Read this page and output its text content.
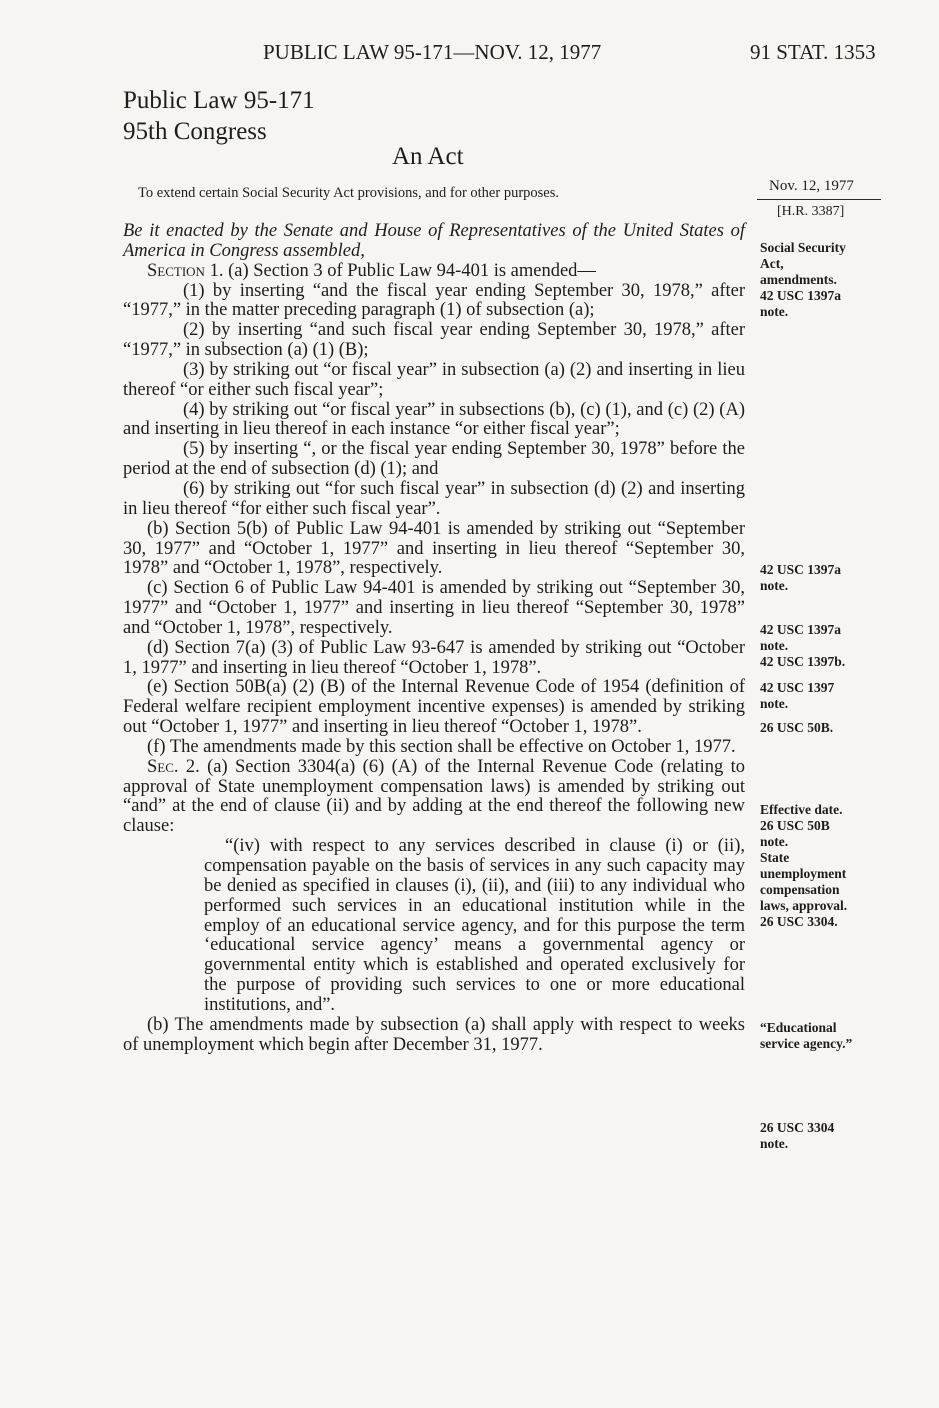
PUBLIC LAW 95-171—NOV. 12, 1977	91 STAT. 1353
Public Law 95-171
95th Congress
An Act
To extend certain Social Security Act provisions, and for other purposes.	Nov. 12, 1977
[H.R. 3387]

Be it enacted by the Senate and House of Representatives of the United States of America in Congress assembled,

Section 1. (a) Section 3 of Public Law 94-401 is amended—

(1) by inserting “and the fiscal year ending September 30, 1978,” after “1977,” in the matter preceding paragraph (1) of subsection (a);

(2) by inserting “and such fiscal year ending September 30, 1978,” after “1977,” in subsection (a) (1) (B);

(3) by striking out “or fiscal year” in subsection (a) (2) and inserting in lieu thereof “or either such fiscal year”;

(4) by striking out “or fiscal year” in subsections (b), (c) (1), and (c) (2) (A) and inserting in lieu thereof in each instance “or either fiscal year”;

(5) by inserting “, or the fiscal year ending September 30, 1978” before the period at the end of subsection (d) (1); and

(6) by striking out “for such fiscal year” in subsection (d) (2) and inserting in lieu thereof “for either such fiscal year”.

(b) Section 5(b) of Public Law 94-401 is amended by striking out “September 30, 1977” and “October 1, 1977” and inserting in lieu thereof “September 30, 1978” and “October 1, 1978”, respectively.

(c) Section 6 of Public Law 94-401 is amended by striking out “September 30, 1977” and “October 1, 1977” and inserting in lieu thereof “September 30, 1978” and “October 1, 1978”, respectively.

(d) Section 7(a) (3) of Public Law 93-647 is amended by striking out “October 1, 1977” and inserting in lieu thereof “October 1, 1978”.

(e) Section 50B(a) (2) (B) of the Internal Revenue Code of 1954 (definition of Federal welfare recipient employment incentive expenses) is amended by striking out “October 1, 1977” and inserting in lieu thereof “October 1, 1978”.

(f) The amendments made by this section shall be effective on October 1, 1977.

Sec. 2. (a) Section 3304(a) (6) (A) of the Internal Revenue Code (relating to approval of State unemployment compensation laws) is amended by striking out “and” at the end of clause (ii) and by adding at the end thereof the following new clause:

“(iv) with respect to any services described in clause (i) or (ii), compensation payable on the basis of services in any such capacity may be denied as specified in clauses (i), (ii), and (iii) to any individual who performed such services in an educational institution while in the employ of an educational service agency, and for this purpose the term ‘educational service agency’ means a governmental agency or governmental entity which is established and operated exclusively for the purpose of providing such services to one or more educational institutions, and”.

(b) The amendments made by subsection (a) shall apply with respect to weeks of unemployment which begin after December 31, 1977.

Social Security
Act,
amendments.
42 USC 1397a
note.
42 USC 1397a
note.
42 USC 1397a
note.
42 USC 1397b.
42 USC 1397
note.
26 USC 50B.
Effective date.
26 USC 50B
note.
State
unemployment
compensation
laws, approval.
26 USC 3304.
“Educational
service agency.”
26 USC 3304
note.
